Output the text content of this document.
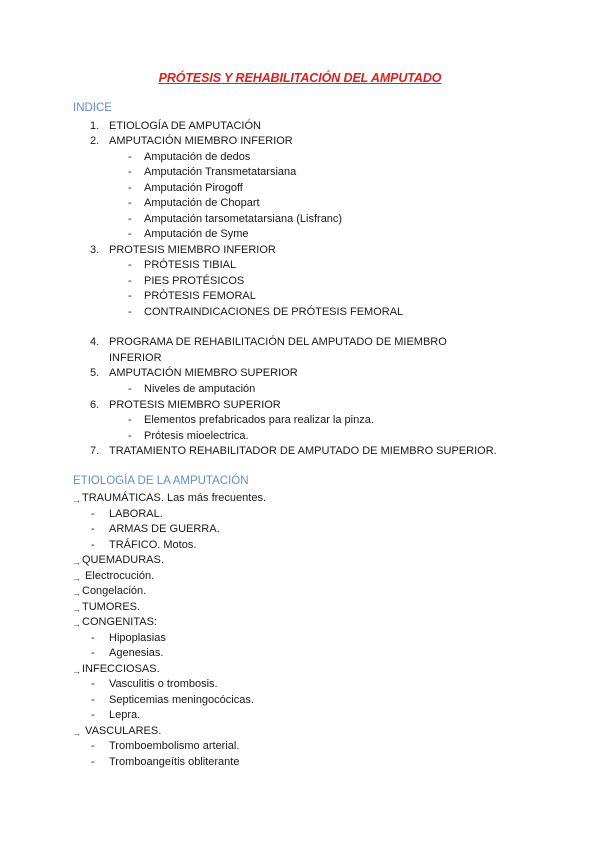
PRÓTESIS Y REHABILITACIÓN DEL AMPUTADO
INDICE
1. ETIOLOGÍA DE AMPUTACIÓN
2. AMPUTACIÓN MIEMBRO INFERIOR
- Amputación de dedos
- Amputación Transmetatarsiana
- Amputación Pirogoff
- Amputación de Chopart
- Amputación tarsometatarsiana (Lisfranc)
- Amputación de Syme
3. PROTESIS MIEMBRO INFERIOR
- PRÓTESIS TIBIAL
- PIES PROTÉSICOS
- PRÓTESIS FEMORAL
- CONTRAINDICACIONES DE PRÓTESIS FEMORAL
4. PROGRAMA DE REHABILITACIÓN DEL AMPUTADO DE MIEMBRO
INFERIOR
5. AMPUTACIÓN MIEMBRO SUPERIOR
- Niveles de amputación
6. PROTESIS MIEMBRO SUPERIOR
- Elementos prefabricados para realizar la pinza.
- Prótesis mioelectrica.
7. TRATAMIENTO REHABILITADOR DE AMPUTADO DE MIEMBRO SUPERIOR.
ETIOLOGÍA DE LA AMPUTACIÓN
→ TRAUMÁTICAS. Las más frecuentes.
- LABORAL.
- ARMAS DE GUERRA.
- TRÁFICO. Motos.
→ QUEMADURAS.
→ Electrocución.
→ Congelación.
→ TUMORES.
→ CONGENITAS:
- Hipoplasias
- Agenesias.
→ INFECCIOSAS.
- Vasculitis o trombosis.
- Septicemias meningocócicas.
- Lepra.
→ VASCULARES.
- Tromboembolismo arterial.
- Tromboangeítis obliterante
